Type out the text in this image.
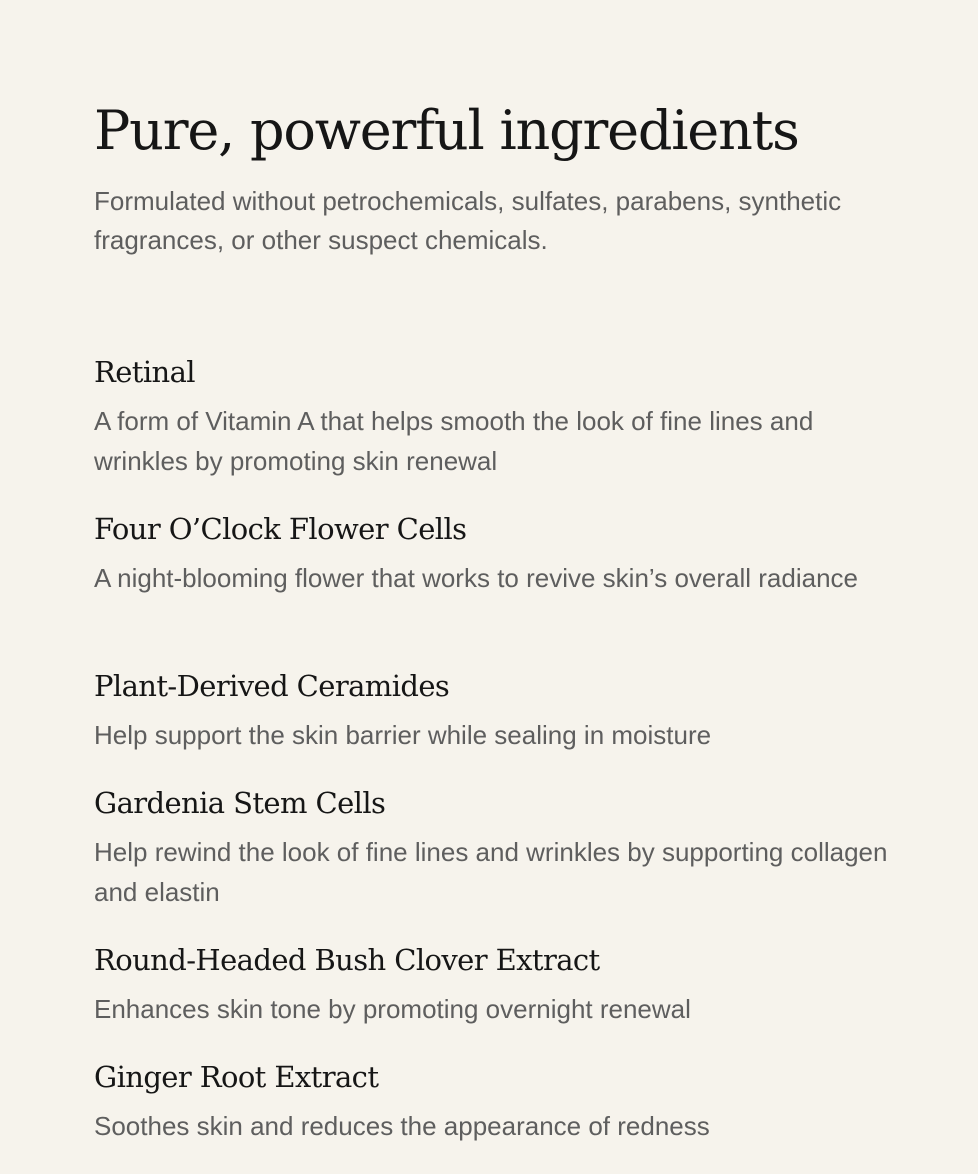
Pure, powerful ingredients

Formulated without petrochemicals, sulfates, parabens, synthetic fragrances, or other suspect chemicals.

Retinal

A form of Vitamin A that helps smooth the look of fine lines and wrinkles by promoting skin renewal

Four O’Clock Flower Cells

A night-blooming flower that works to revive skin’s overall radiance

Plant-Derived Ceramides

Help support the skin barrier while sealing in moisture

Gardenia Stem Cells

Help rewind the look of fine lines and wrinkles by supporting collagen and elastin

Round-Headed Bush Clover Extract

Enhances skin tone by promoting overnight renewal

Ginger Root Extract

Soothes skin and reduces the appearance of redness
